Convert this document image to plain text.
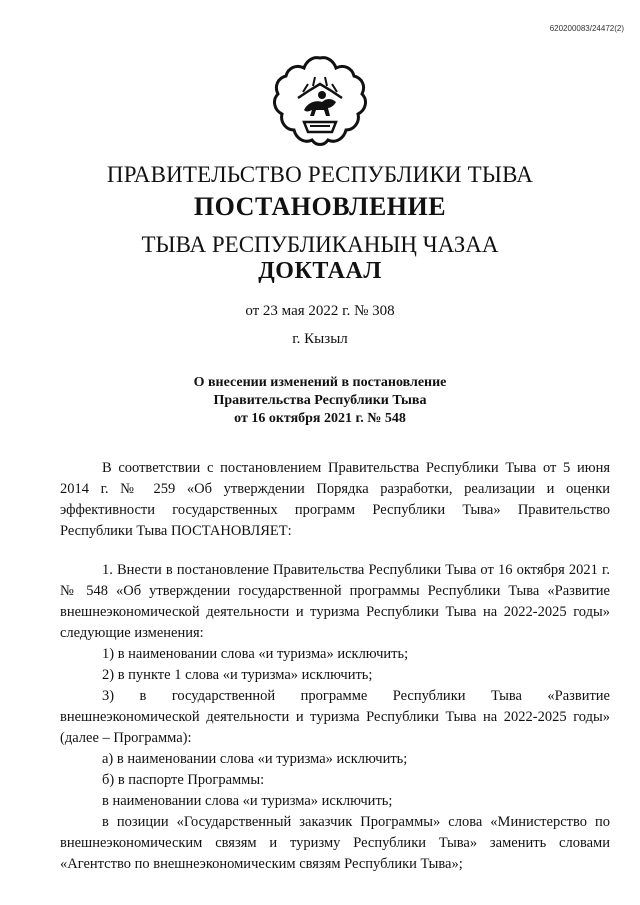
620200083/24472(2)
ПРАВИТЕЛЬСТВО РЕСПУБЛИКИ ТЫВА
ПОСТАНОВЛЕНИЕ
ТЫВА РЕСПУБЛИКАНЫҢ ЧАЗАА
ДОКТААЛ
от 23 мая 2022 г. № 308
г. Кызыл
О внесении изменений в постановление
Правительства Республики Тыва
от 16 октября 2021 г. № 548

В соответствии с постановлением Правительства Республики Тыва от 5 июня 2014 г. № 259 «Об утверждении Порядка разработки, реализации и оценки эффективности государственных программ Республики Тыва» Правительство Республики Тыва ПОСТАНОВЛЯЕТ:

1. Внести в постановление Правительства Республики Тыва от 16 октября 2021 г. № 548 «Об утверждении государственной программы Республики Тыва «Развитие внешнеэкономической деятельности и туризма Республики Тыва на 2022-2025 годы» следующие изменения:

1) в наименовании слова «и туризма» исключить;

2) в пункте 1 слова «и туризма» исключить;

3) в государственной программе Республики Тыва «Развитие внешнеэкономической деятельности и туризма Республики Тыва на 2022-2025 годы» (далее – Программа):

а) в наименовании слова «и туризма» исключить;

б) в паспорте Программы:

в наименовании слова «и туризма» исключить;

в позиции «Государственный заказчик Программы» слова «Министерство по внешнеэкономическим связям и туризму Республики Тыва» заменить словами «Агентство по внешнеэкономическим связям Республики Тыва»;
